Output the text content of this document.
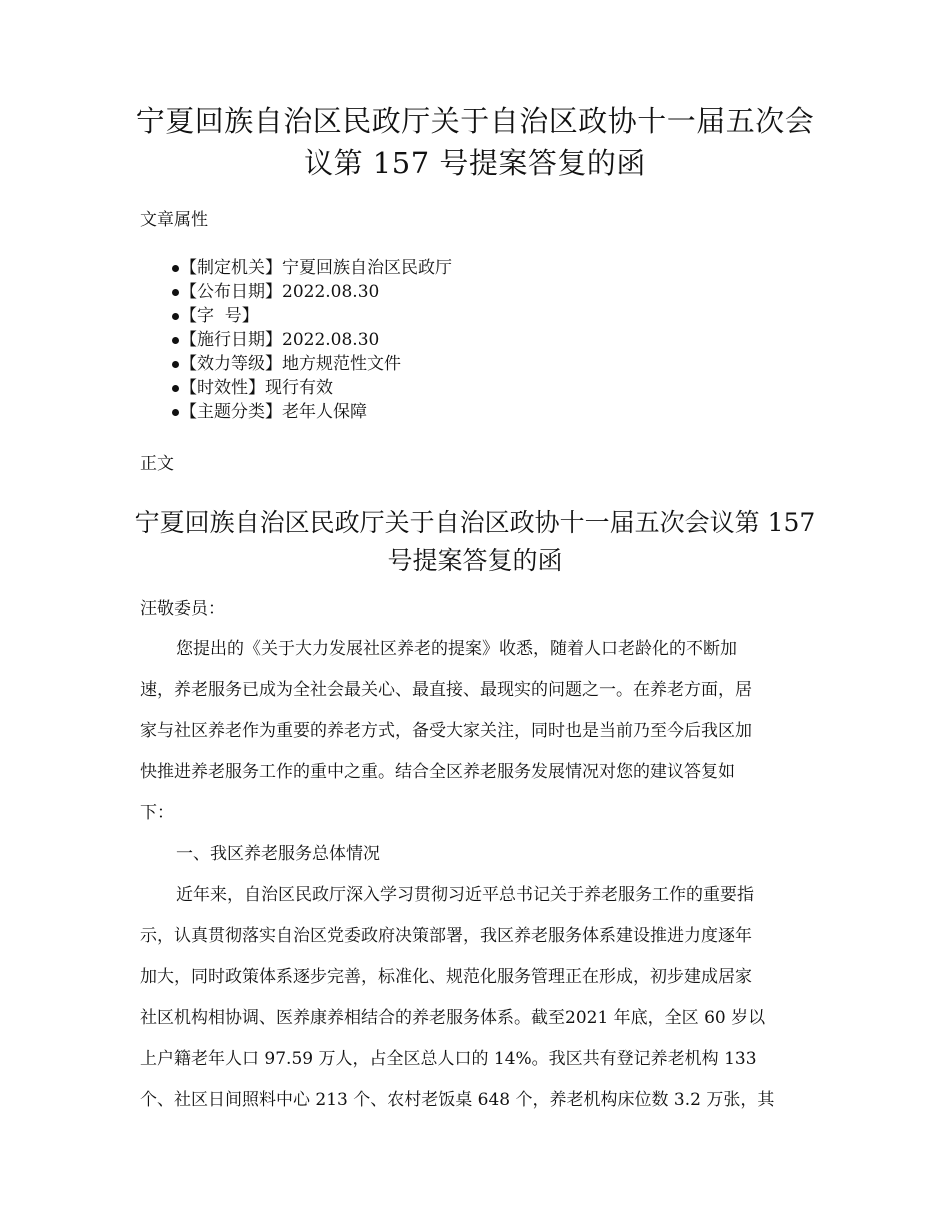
宁夏回族自治区民政厅关于自治区政协十一届五次会
议第 157 号提案答复的函

文章属性

【制定机关】宁夏回族自治区民政厅
【公布日期】2022.08.30
【字  号】
【施行日期】2022.08.30
【效力等级】地方规范性文件
【时效性】现行有效
【主题分类】老年人保障

正文

宁夏回族自治区民政厅关于自治区政协十一届五次会议第 157
号提案答复的函

汪敬委员：

您提出的《关于大力发展社区养老的提案》收悉，随着人口老龄化的不断加
速，养老服务已成为全社会最关心、最直接、最现实的问题之一。在养老方面，居
家与社区养老作为重要的养老方式，备受大家关注，同时也是当前乃至今后我区加
快推进养老服务工作的重中之重。结合全区养老服务发展情况对您的建议答复如
下：
一、我区养老服务总体情况
近年来，自治区民政厅深入学习贯彻习近平总书记关于养老服务工作的重要指
示，认真贯彻落实自治区党委政府决策部署，我区养老服务体系建设推进力度逐年
加大，同时政策体系逐步完善，标准化、规范化服务管理正在形成，初步建成居家
社区机构相协调、医养康养相结合的养老服务体系。截至2021 年底，全区 60 岁以
上户籍老年人口 97.59 万人，占全区总人口的 14%。我区共有登记养老机构 133
个、社区日间照料中心 213 个、农村老饭桌 648 个，养老机构床位数 3.2 万张，其
